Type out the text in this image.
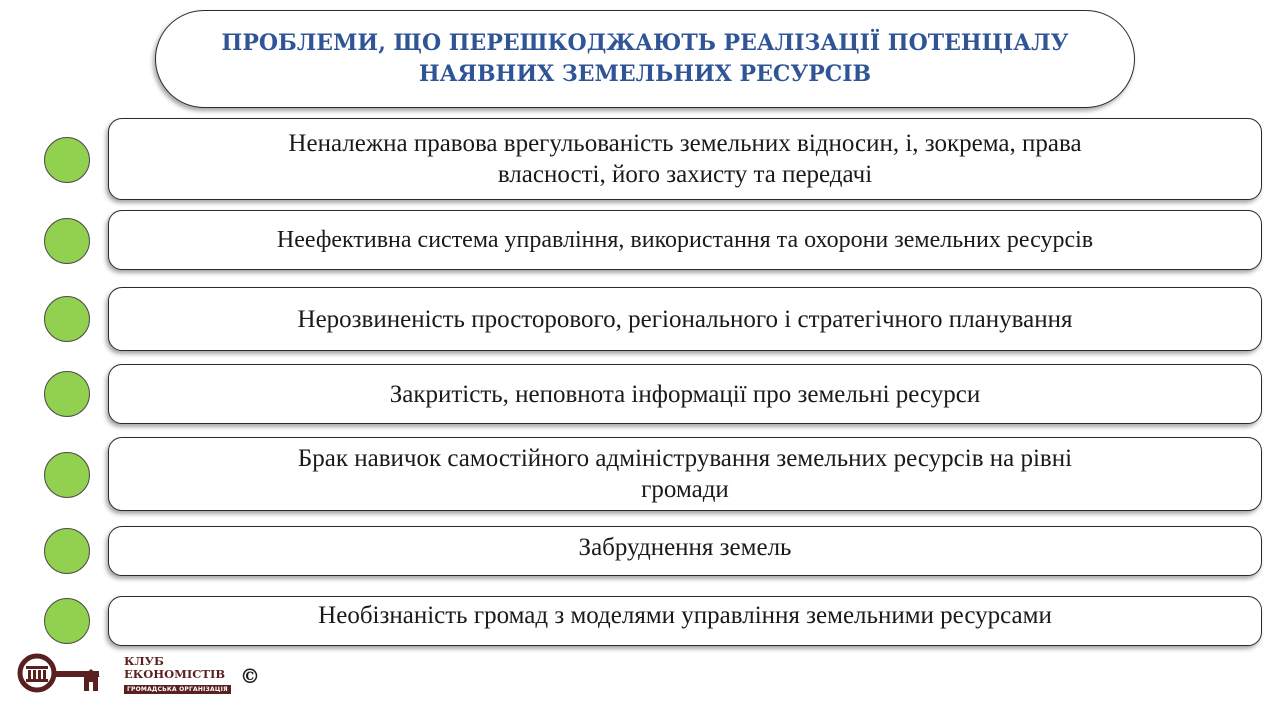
ПРОБЛЕМИ, ЩО ПЕРЕШКОДЖАЮТЬ РЕАЛІЗАЦІЇ ПОТЕНЦІАЛУ
НАЯВНИХ ЗЕМЕЛЬНИХ РЕСУРСІВ

Неналежна правова врегульованість земельних відносин, і, зокрема, права
власності, його захисту та передачі

Неефективна система управління, використання та охорони земельних ресурсів

Нерозвиненість просторового, регіонального і стратегічного планування

Закритість, неповнота інформації про земельні ресурси

Брак навичок самостійного адміністрування земельних ресурсів на рівні
громади

Забруднення земель

Необізнаність громад з моделями управління земельними ресурсами

КЛУБ
ЕКОНОМІСТІВ
ГРОМАДСЬКА ОРГАНІЗАЦІЯ
©
